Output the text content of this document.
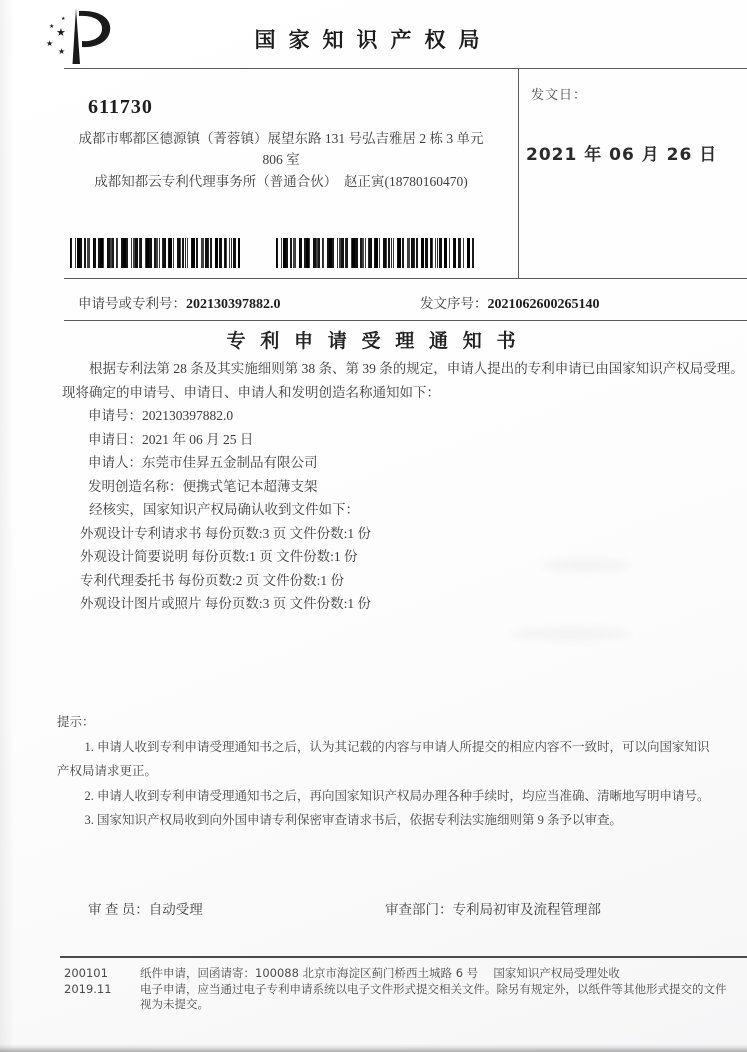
★
★
★
★
★
国家知识产权局
发文日：
2021 年 06 月 26 日
611730
成都市郫都区德源镇（菁蓉镇）展望东路 131 号弘吉雅居 2 栋 3 单元
806 室
成都知都云专利代理事务所（普通合伙）　赵正寅(18780160470)
申请号或专利号：202130397882.0	发文序号：2021062600265140
专 利 申 请 受 理 通 知 书
根据专利法第 28 条及其实施细则第 38 条、第 39 条的规定，申请人提出的专利申请已由国家知识产权局受理。现将确定的申请号、申请日、申请人和发明创造名称通知如下：
申请号：202130397882.0
申请日：2021 年 06 月 25 日
申请人：东莞市佳昇五金制品有限公司
发明创造名称：便携式笔记本超薄支架
经核实，国家知识产权局确认收到文件如下：
外观设计专利请求书 每份页数:3 页 文件份数:1 份
外观设计简要说明 每份页数:1 页 文件份数:1 份
专利代理委托书 每份页数:2 页 文件份数:1 份
外观设计图片或照片 每份页数:3 页 文件份数:1 份
提示：
1. 申请人收到专利申请受理通知书之后，认为其记载的内容与申请人所提交的相应内容不一致时，可以向国家知识产权局请求更正。
2. 申请人收到专利申请受理通知书之后，再向国家知识产权局办理各种手续时，均应当准确、清晰地写明申请号。
3. 国家知识产权局收到向外国申请专利保密审查请求书后，依据专利法实施细则第 9 条予以审查。
审 查 员：自动受理	审查部门：专利局初审及流程管理部
200101
2019.11
纸件申请，回函请寄：100088 北京市海淀区蓟门桥西土城路 6 号　 国家知识产权局受理处收
电子申请，应当通过电子专利申请系统以电子文件形式提交相关文件。除另有规定外，以纸件等其他形式提交的文件视为未提交。
